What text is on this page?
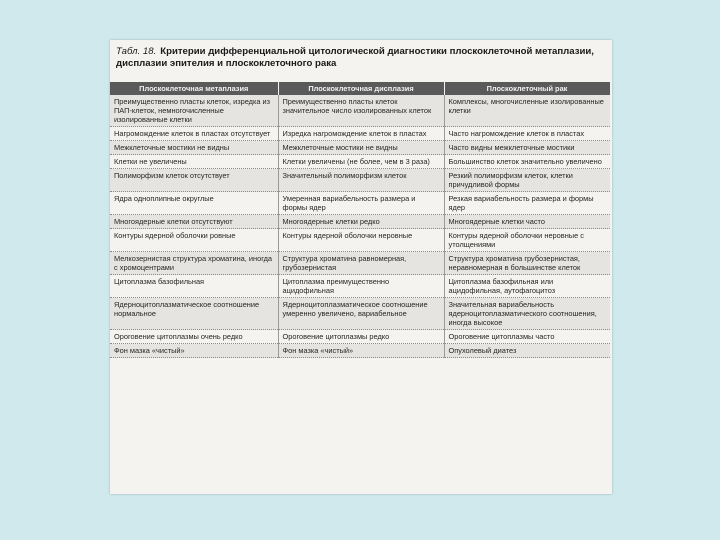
Табл. 18. Критерии дифференциальной цитологической диагностики плоскоклеточной метаплазии, дисплазии эпителия и плоскоклеточного рака
Плоскоклеточная метаплазия	Плоскоклеточная дисплазия	Плоскоклеточный рак
Преимущественно пласты клеток, изредка из ПАП-клеток, немногочисленные изолированные клетки	Преимущественно пласты клеток значительное число изолированных клеток	Комплексы, многочисленные изолированные клетки
Нагромождение клеток в пластах отсутствует	Изредка нагромождение клеток в пластах	Часто нагромождение клеток в пластах
Межклеточные мостики не видны	Межклеточные мостики не видны	Часто видны межклеточные мостики
Клетки не увеличены	Клетки увеличены (не более, чем в 3 раза)	Большинство клеток значительно увеличено
Полиморфизм клеток отсутствует	Значительный полиморфизм клеток	Резкий полиморфизм клеток, клетки причудливой формы
Ядра одноплипные округлые	Умеренная вариабельность размера и формы ядер	Резкая вариабельность размера и формы ядер
Многоядерные клетки отсутствуют	Многоядерные клетки редко	Многоядерные клетки часто
Контуры ядерной оболочки ровные	Контуры ядерной оболочки неровные	Контуры ядерной оболочки неровные с утолщениями
Мелкозернистая структура хроматина, иногда с хромоцентрами	Структура хроматина равномерная, грубозернистая	Структура хроматина грубозернистая, неравномерная в большинстве клеток
Цитоплазма базофильная	Цитоплазма преимущественно ацидофильная	Цитоплазма базофильная или ацидофильная, аутофагоцитоз
Ядерноцитоплазматическое соотношение нормальное	Ядерноцитоплазматическое соотношение умеренно увеличено, вариабельное	Значительная вариабельность ядерноцитоплазматического соотношения, иногда высокое
Ороговение цитоплазмы очень редко	Ороговение цитоплазмы редко	Ороговение цитоплазмы часто
Фон мазка «чистый»	Фон мазка «чистый»	Опухолевый диатез
